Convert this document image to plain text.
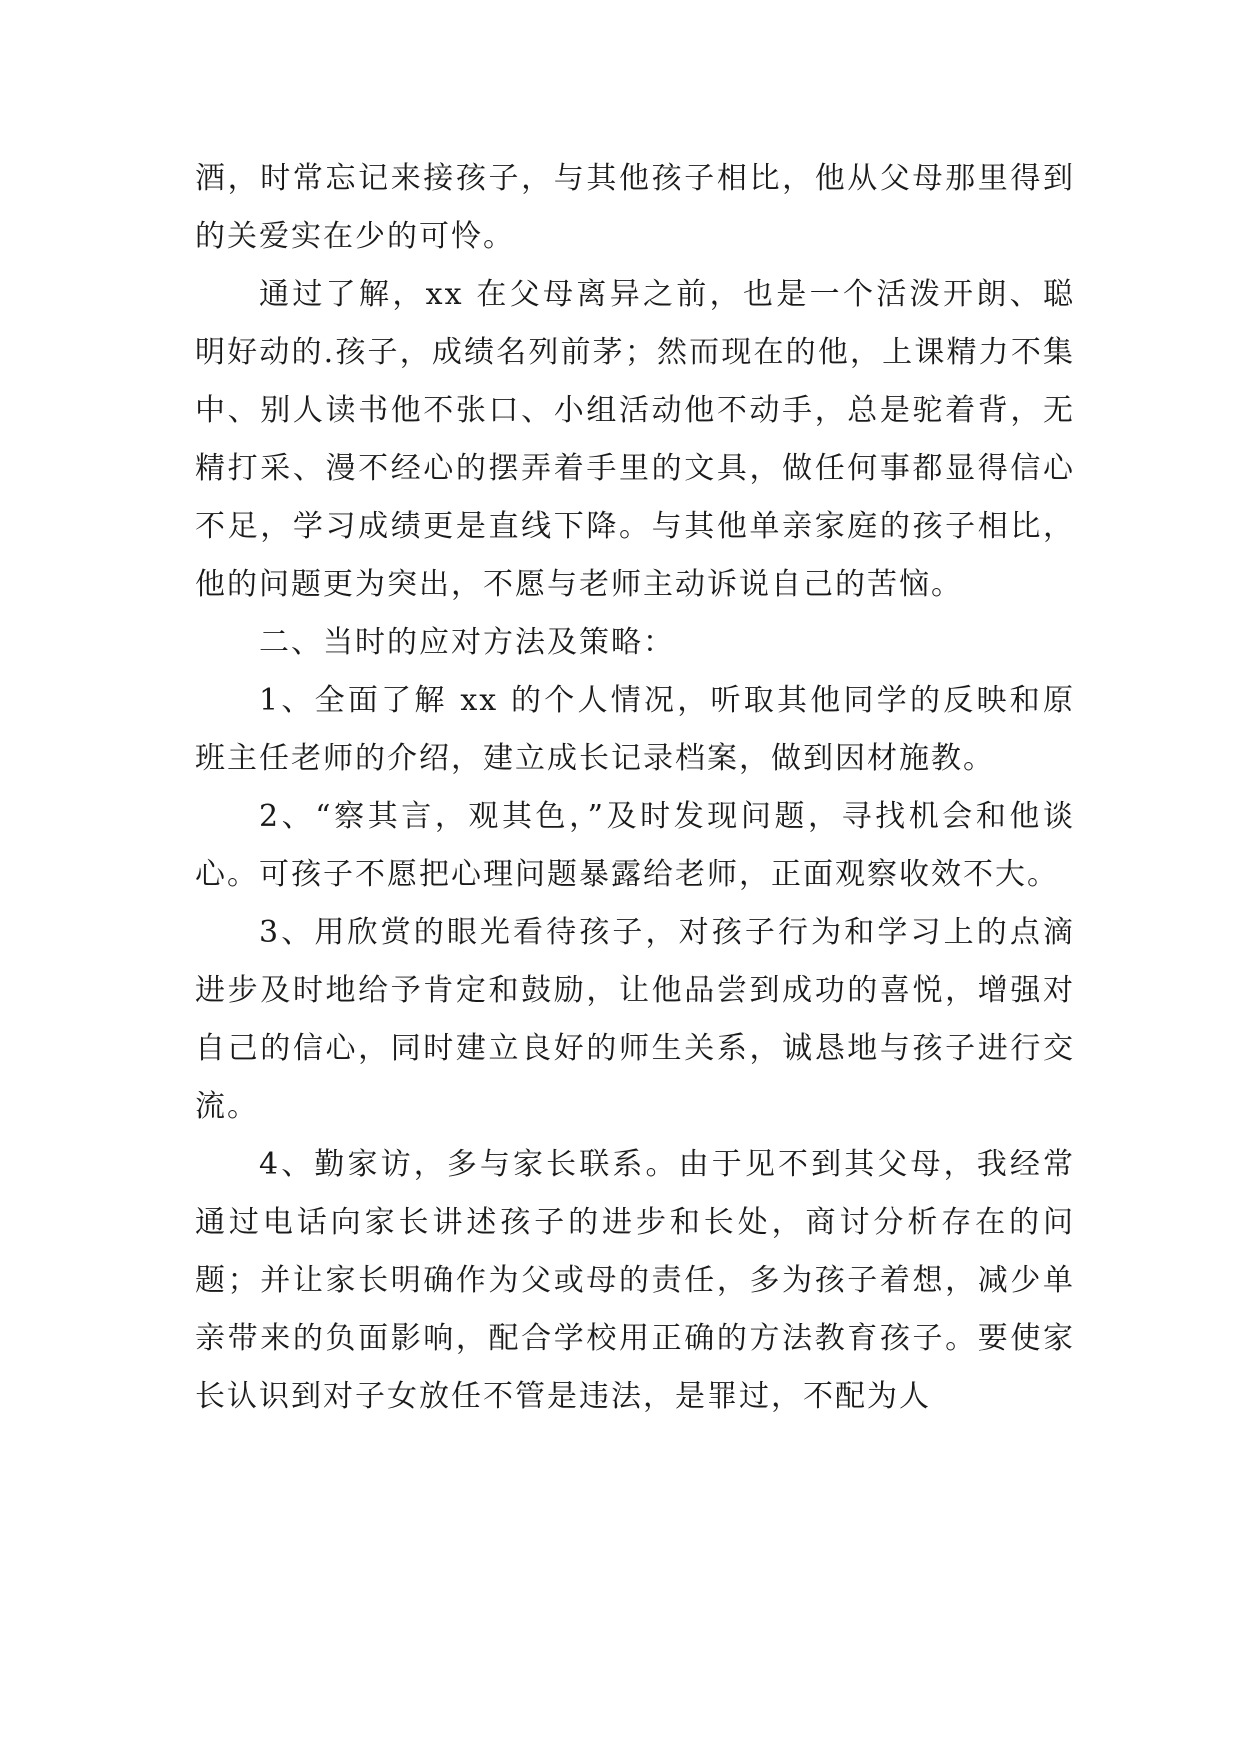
酒，时常忘记来接孩子，与其他孩子相比，他从父母那里得到的关爱实在少的可怜。

通过了解，xx 在父母离异之前，也是一个活泼开朗、聪明好动的.孩子，成绩名列前茅；然而现在的他，上课精力不集中、别人读书他不张口、小组活动他不动手，总是驼着背，无精打采、漫不经心的摆弄着手里的文具，做任何事都显得信心不足，学习成绩更是直线下降。与其他单亲家庭的孩子相比，他的问题更为突出，不愿与老师主动诉说自己的苦恼。

二、当时的应对方法及策略：

1、全面了解 xx 的个人情况，听取其他同学的反映和原班主任老师的介绍，建立成长记录档案，做到因材施教。

2、“察其言，观其色，”及时发现问题，寻找机会和他谈心。可孩子不愿把心理问题暴露给老师，正面观察收效不大。

3、用欣赏的眼光看待孩子，对孩子行为和学习上的点滴进步及时地给予肯定和鼓励，让他品尝到成功的喜悦，增强对自己的信心，同时建立良好的师生关系，诚恳地与孩子进行交流。

4、勤家访，多与家长联系。由于见不到其父母，我经常通过电话向家长讲述孩子的进步和长处，商讨分析存在的问题；并让家长明确作为父或母的责任，多为孩子着想，减少单亲带来的负面影响，配合学校用正确的方法教育孩子。要使家长认识到对子女放任不管是违法，是罪过，不配为人
